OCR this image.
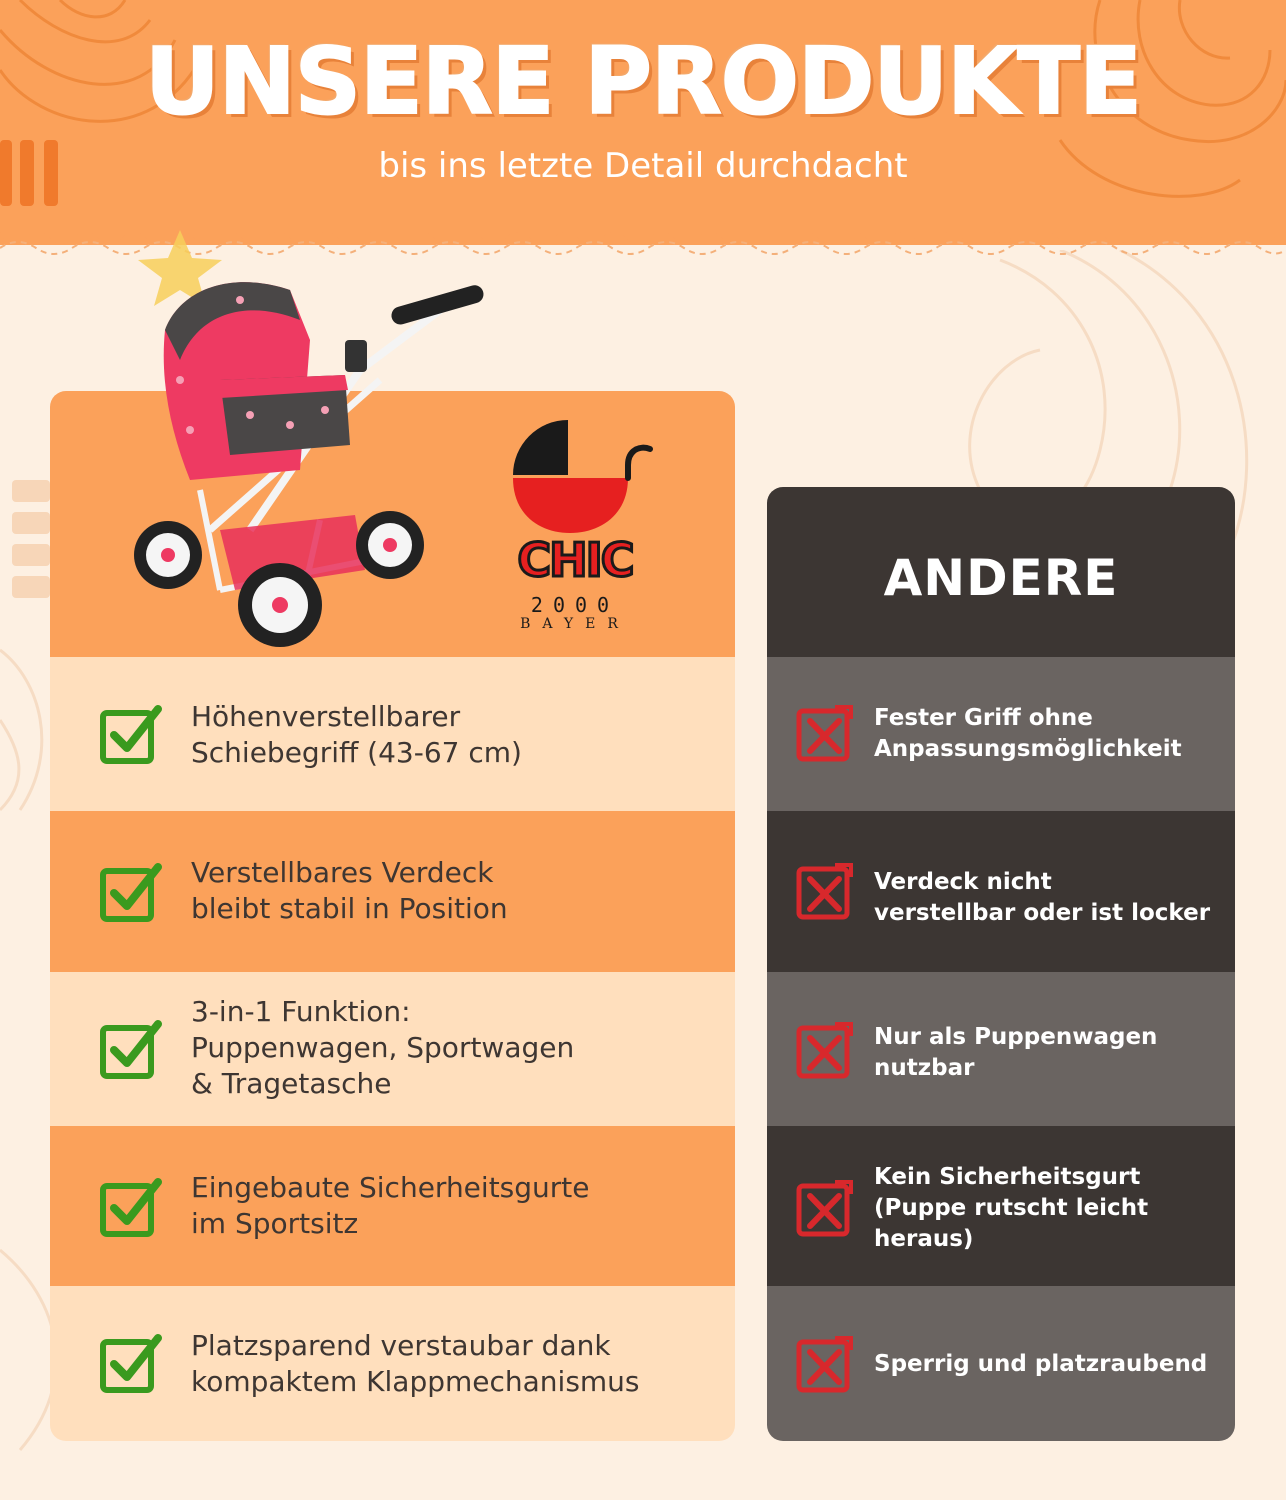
UNSERE PRODUKTE
bis ins letzte Detail durchdacht
Höhenverstellbarer
Schiebegriff (43-67 cm)
Verstellbares Verdeck
bleibt stabil in Position
3-in-1 Funktion:
Puppenwagen, Sportwagen
& Tragetasche
Eingebaute Sicherheitsgurte
im Sportsitz
Platzsparend verstaubar dank
kompaktem Klappmechanismus
CHIC
2000
BAYER
ANDERE
Fester Griff ohne
Anpassungsmöglichkeit
Verdeck nicht
verstellbar oder ist locker
Nur als Puppenwagen
nutzbar
Kein Sicherheitsgurt
(Puppe rutscht leicht
heraus)
Sperrig und platzraubend
